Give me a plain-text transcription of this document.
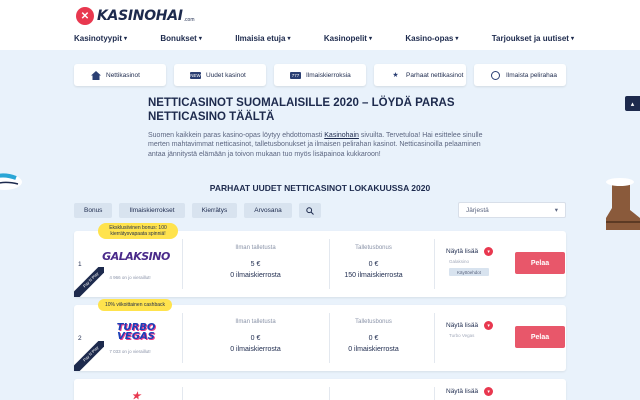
✕ KASINOHAI .com
Kasinotyypit ▾	Bonukset ▾	Ilmaisia etuja ▾	Kasinopelit ▾	Kasino-opas ▾	Tarjoukset ja uutiset ▾
Nettikasinot	NEW Uudet kasinot	777 Ilmaiskierroksia	★	Parhaat nettikasinot	Ilmaista pelirahaa
NETTICASINOT SUOMALAISILLE 2020 – LÖYDÄ PARAS NETTICASINO TÄÄLTÄ

Suomen kaikkein paras kasino-opas löytyy ehdottomasti Kasinohain sivuilta. Tervetuloa! Hai esittelee sinulle merten mahtavimmat netticasinot, talletusbonukset ja ilmaisen pelirahan kasinot. Netticasinoilla pelaaminen antaa jännitystä elämään ja toivon mukaan tuo myös lisäpainoa kukkaroon!

PARHAAT UUDET NETTICASINOT LOKAKUUSSA 2020
Bonus	Ilmaiskierrokset	Kierrätys	Arvosana	Järjestä	▾
1
Eksklusiivinen bonus: 100 kierrätysvapaata spinniä!
GALAKSINO
4 966 on jo vieraillut!
Pay N Play
Ilman talletusta
5 €
0 ilmaiskierrosta
Talletusbonus
0 €
150 ilmaiskierrosta
Näytä lisää	▾
Galaksino
Käyttöehdot
Pelaa
2
10% viikoittainen cashback
TURBO
VEGAS
7 033 on jo vieraillut!
Pay N Play
Ilman talletusta
0 €
0 ilmaiskierrosta
Talletusbonus
0 €
0 ilmaiskierrosta
Näytä lisää	▾
Turbo Vegas	Pelaa
★	Näytä lisää	▾
▴
